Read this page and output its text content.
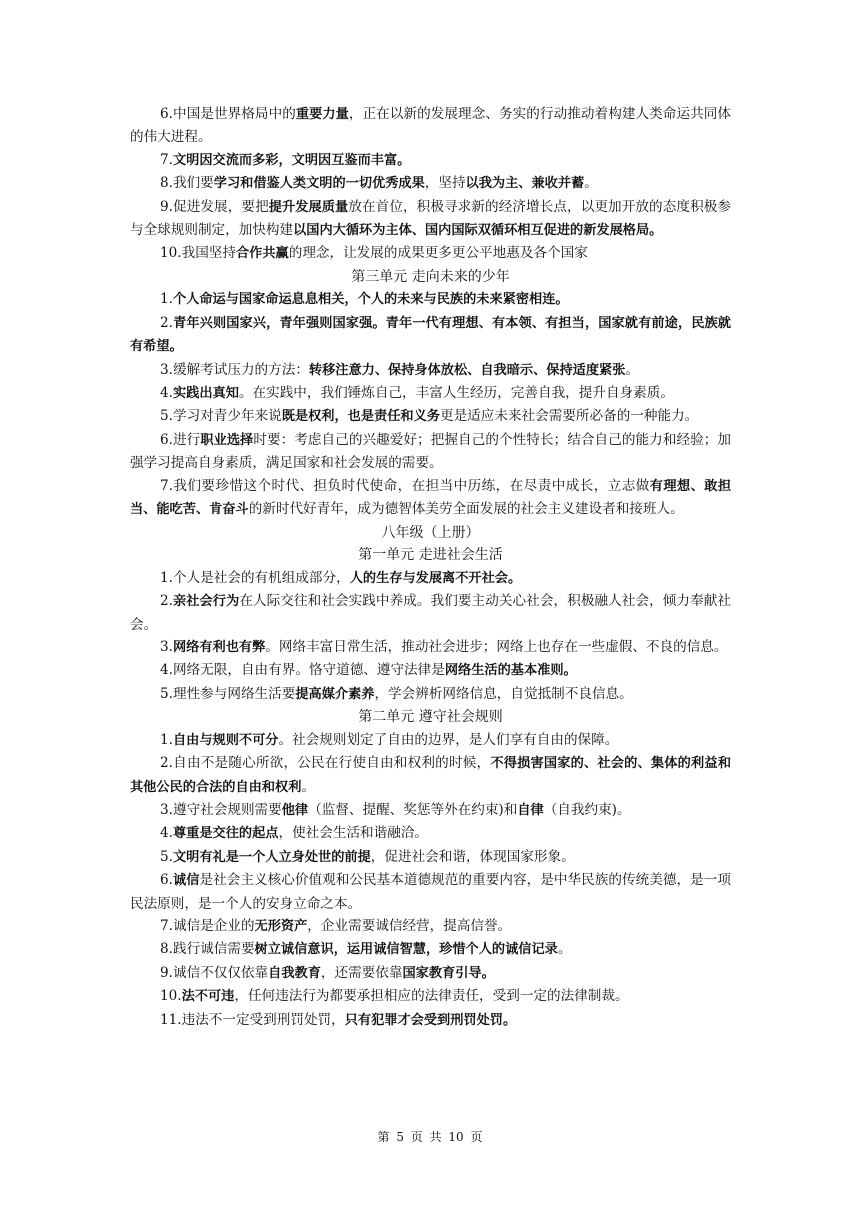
6.中国是世界格局中的重要力量，正在以新的发展理念、务实的行动推动着构建人类命运共同体的伟大进程。

7.文明因交流而多彩，文明因互鉴而丰富。

8.我们要学习和借鉴人类文明的一切优秀成果，坚持以我为主、兼收并蓄。

9.促进发展，要把提升发展质量放在首位，积极寻求新的经济增长点，以更加开放的态度积极参与全球规则制定，加快构建以国内大循环为主体、国内国际双循环相互促进的新发展格局。

10.我国坚持合作共赢的理念，让发展的成果更多更公平地惠及各个国家

第三单元 走向未来的少年

1.个人命运与国家命运息息相关，个人的未来与民族的未来紧密相连。

2.青年兴则国家兴，青年强则国家强。青年一代有理想、有本领、有担当，国家就有前途，民族就有希望。

3.缓解考试压力的方法：转移注意力、保持身体放松、自我暗示、保持适度紧张。

4.实践出真知。在实践中，我们锤炼自己，丰富人生经历，完善自我，提升自身素质。

5.学习对青少年来说既是权利，也是责任和义务更是适应未来社会需要所必备的一种能力。

6.进行职业选择时要：考虑自己的兴趣爱好；把握自己的个性特长；结合自己的能力和经验；加强学习提高自身素质，满足国家和社会发展的需要。

7.我们要珍惜这个时代、担负时代使命，在担当中历练，在尽责中成长，立志做有理想、敢担当、能吃苦、肯奋斗的新时代好青年，成为德智体美劳全面发展的社会主义建设者和接班人。

八年级（上册）
第一单元 走进社会生活

1.个人是社会的有机组成部分，人的生存与发展离不开社会。

2.亲社会行为在人际交往和社会实践中养成。我们要主动关心社会，积极融人社会，倾力奉献社会。

3.网络有利也有弊。网络丰富日常生活，推动社会进步；网络上也存在一些虚假、不良的信息。

4.网络无限，自由有界。恪守道德、遵守法律是网络生活的基本准则。

5.理性参与网络生活要提高媒介素养，学会辨析网络信息，自觉抵制不良信息。

第二单元 遵守社会规则

1.自由与规则不可分。社会规则划定了自由的边界，是人们享有自由的保障。

2.自由不是随心所欲，公民在行使自由和权利的时候，不得损害国家的、社会的、集体的利益和其他公民的合法的自由和权利。

3.遵守社会规则需要他律（监督、提醒、奖惩等外在约束)和自律（自我约束)。

4.尊重是交往的起点，使社会生活和谐融洽。

5.文明有礼是一个人立身处世的前提，促进社会和谐，体现国家形象。

6.诚信是社会主义核心价值观和公民基本道德规范的重要内容，是中华民族的传统美德，是一项民法原则，是一个人的安身立命之本。

7.诚信是企业的无形资产，企业需要诚信经营，提高信誉。

8.践行诚信需要树立诚信意识，运用诚信智慧，珍惜个人的诚信记录。

9.诚信不仅仅依靠自我教育，还需要依靠国家教育引导。

10.法不可违，任何违法行为都要承担相应的法律责任，受到一定的法律制裁。

11.违法不一定受到刑罚处罚，只有犯罪才会受到刑罚处罚。

第 5 页 共 10 页
